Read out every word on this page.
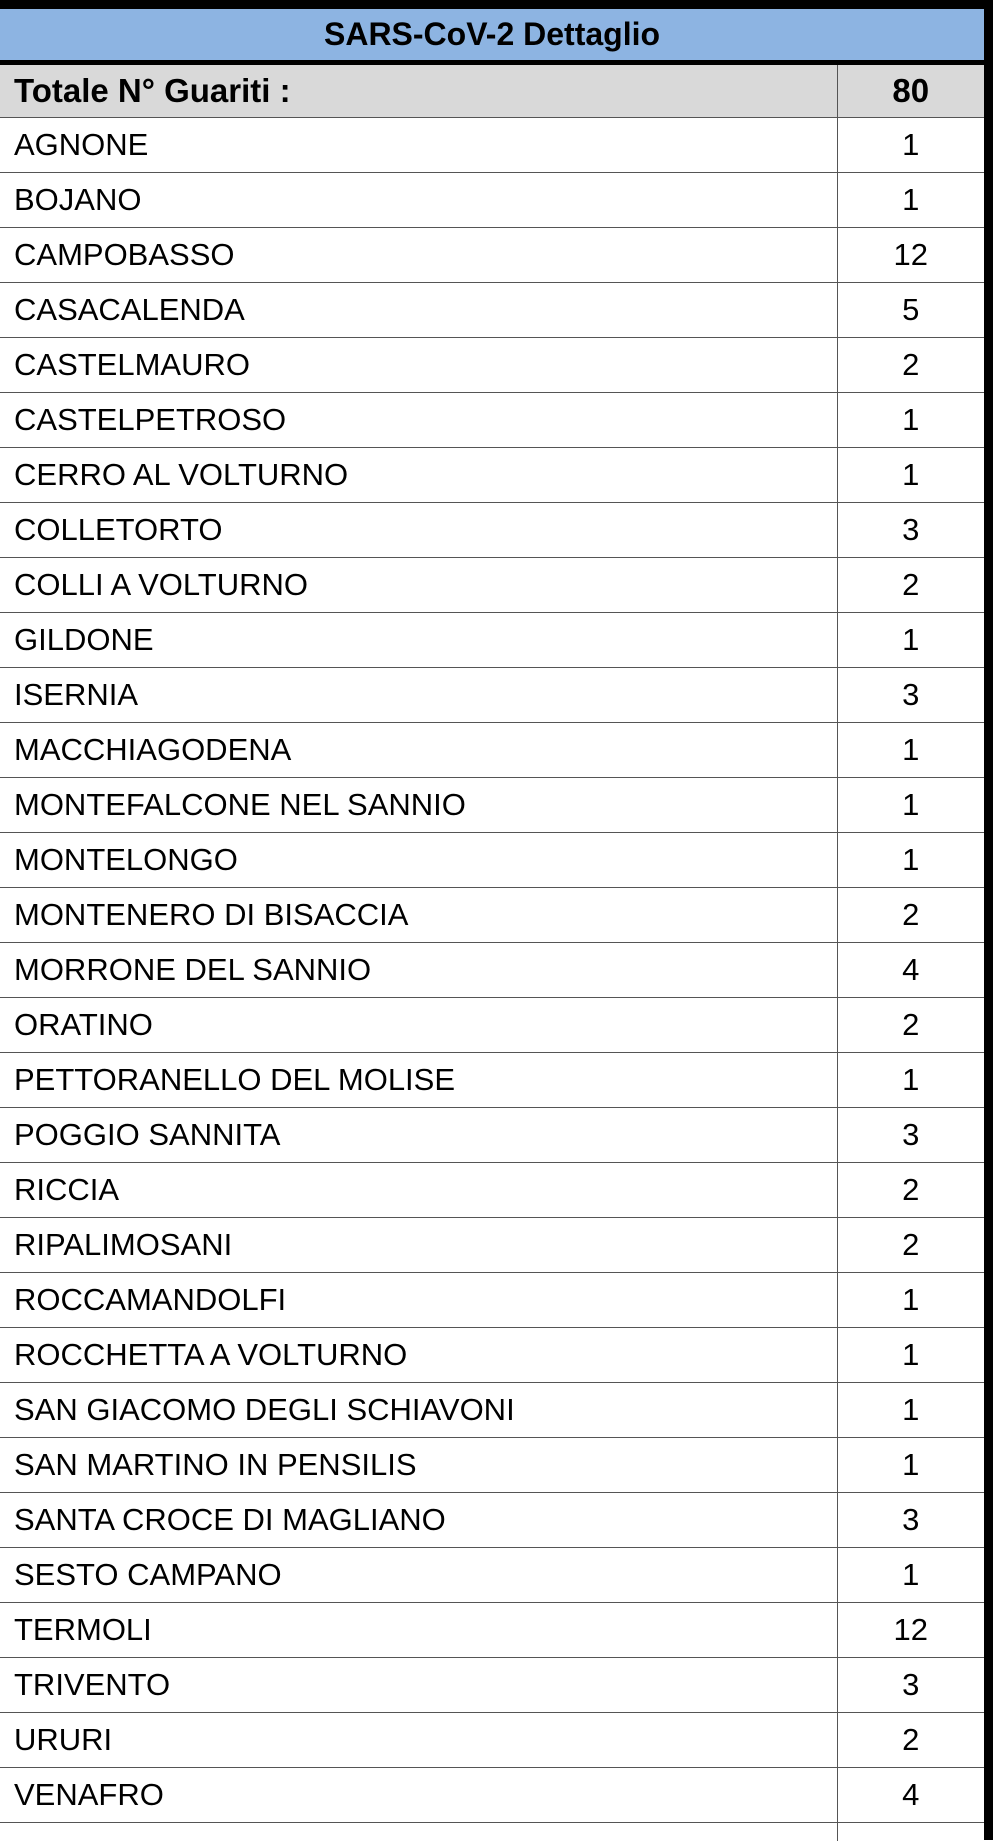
SARS-CoV-2 Dettaglio
Totale N° Guariti :	80
AGNONE	1
BOJANO	1
CAMPOBASSO	12
CASACALENDA	5
CASTELMAURO	2
CASTELPETROSO	1
CERRO AL VOLTURNO	1
COLLETORTO	3
COLLI A VOLTURNO	2
GILDONE	1
ISERNIA	3
MACCHIAGODENA	1
MONTEFALCONE NEL SANNIO	1
MONTELONGO	1
MONTENERO DI BISACCIA	2
MORRONE DEL SANNIO	4
ORATINO	2
PETTORANELLO DEL MOLISE	1
POGGIO SANNITA	3
RICCIA	2
RIPALIMOSANI	2
ROCCAMANDOLFI	1
ROCCHETTA A VOLTURNO	1
SAN GIACOMO DEGLI SCHIAVONI	1
SAN MARTINO IN PENSILIS	1
SANTA CROCE DI MAGLIANO	3
SESTO CAMPANO	1
TERMOLI	12
TRIVENTO	3
URURI	2
VENAFRO	4
